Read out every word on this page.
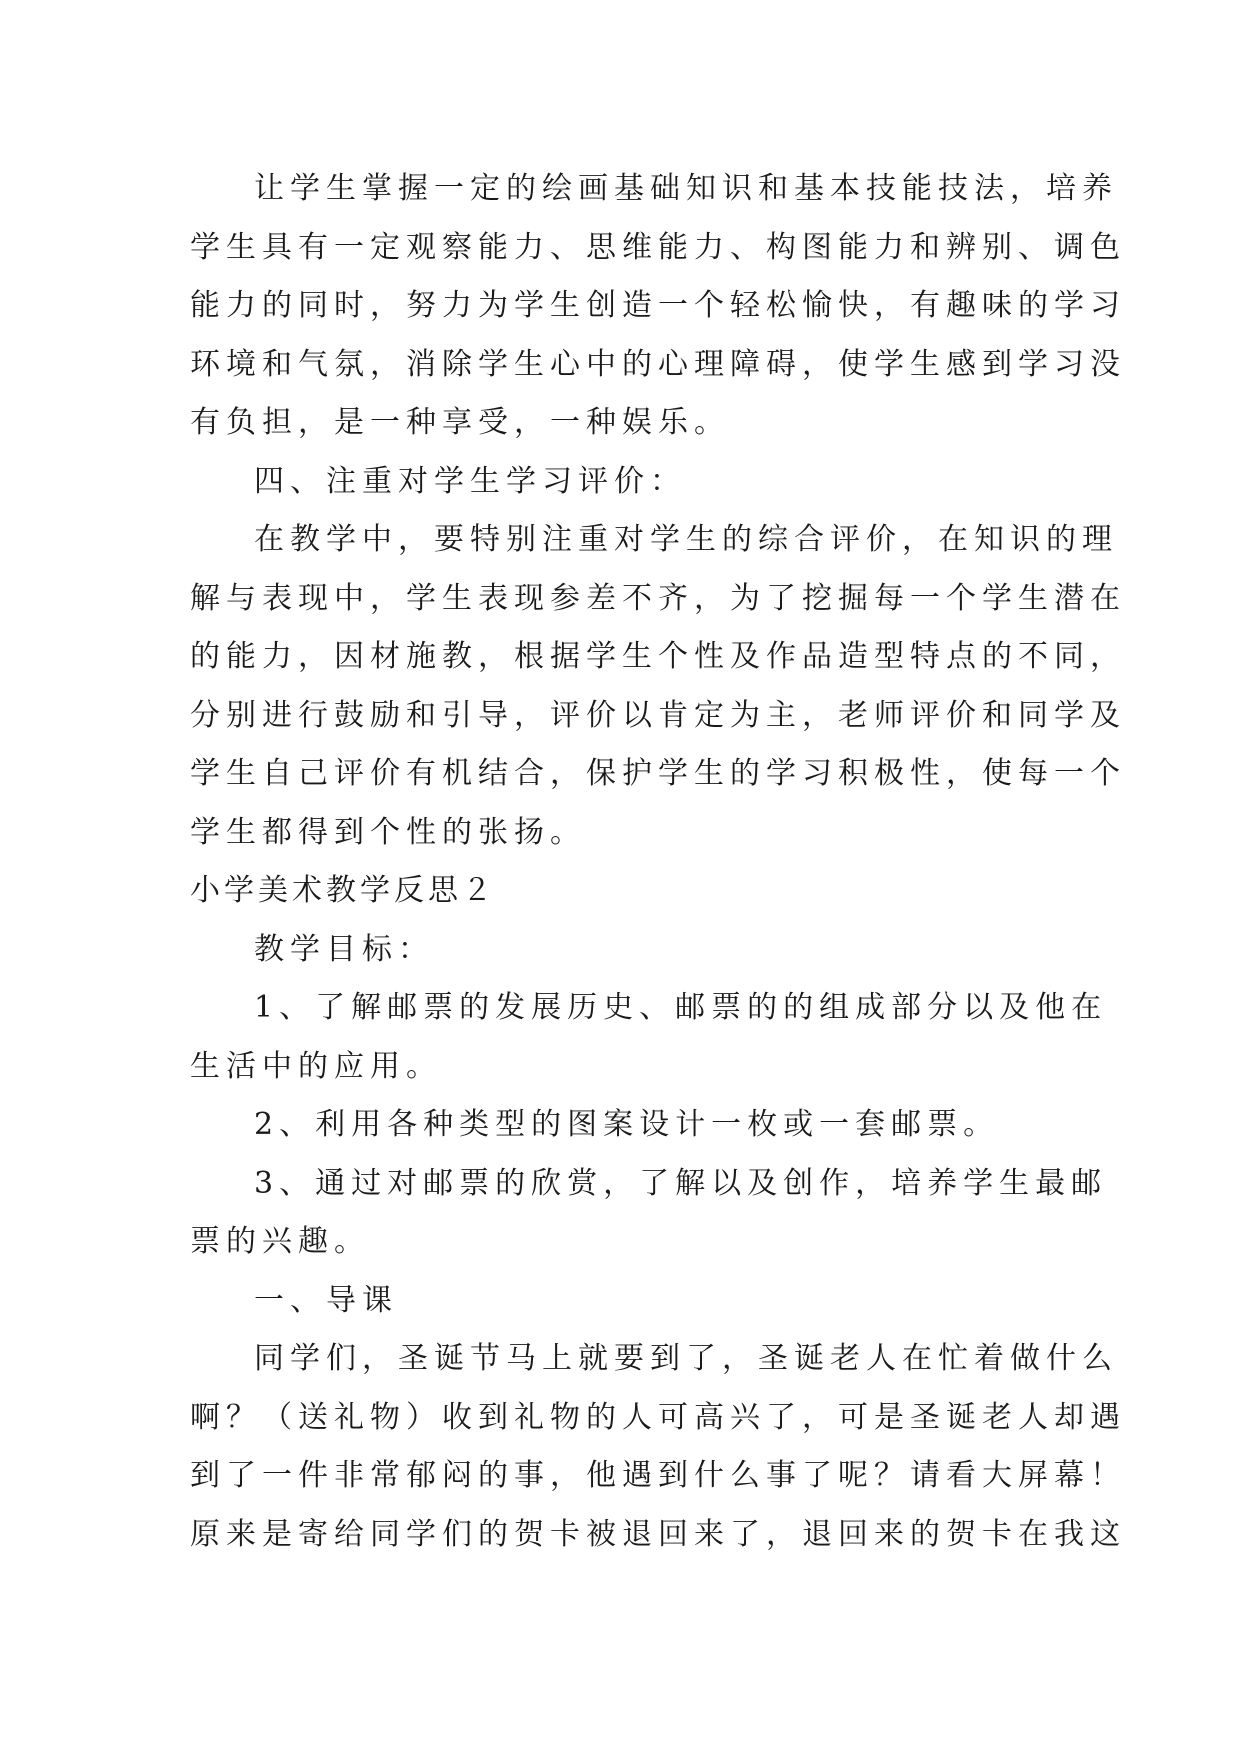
让学生掌握一定的绘画基础知识和基本技能技法，培养
学生具有一定观察能力、思维能力、构图能力和辨别、调色
能力的同时，努力为学生创造一个轻松愉快，有趣味的学习
环境和气氛，消除学生心中的心理障碍，使学生感到学习没
有负担，是一种享受，一种娱乐。
四、注重对学生学习评价：
在教学中，要特别注重对学生的综合评价，在知识的理
解与表现中，学生表现参差不齐，为了挖掘每一个学生潜在
的能力，因材施教，根据学生个性及作品造型特点的不同，
分别进行鼓励和引导，评价以肯定为主，老师评价和同学及
学生自己评价有机结合，保护学生的学习积极性，使每一个
学生都得到个性的张扬。
小学美术教学反思２
教学目标：
1、了解邮票的发展历史、邮票的的组成部分以及他在
生活中的应用。
2、利用各种类型的图案设计一枚或一套邮票。
3、通过对邮票的欣赏，了解以及创作，培养学生最邮
票的兴趣。
一、导课
同学们，圣诞节马上就要到了，圣诞老人在忙着做什么
啊？（送礼物）收到礼物的人可高兴了，可是圣诞老人却遇
到了一件非常郁闷的事，他遇到什么事了呢？请看大屏幕！
原来是寄给同学们的贺卡被退回来了，退回来的贺卡在我这
